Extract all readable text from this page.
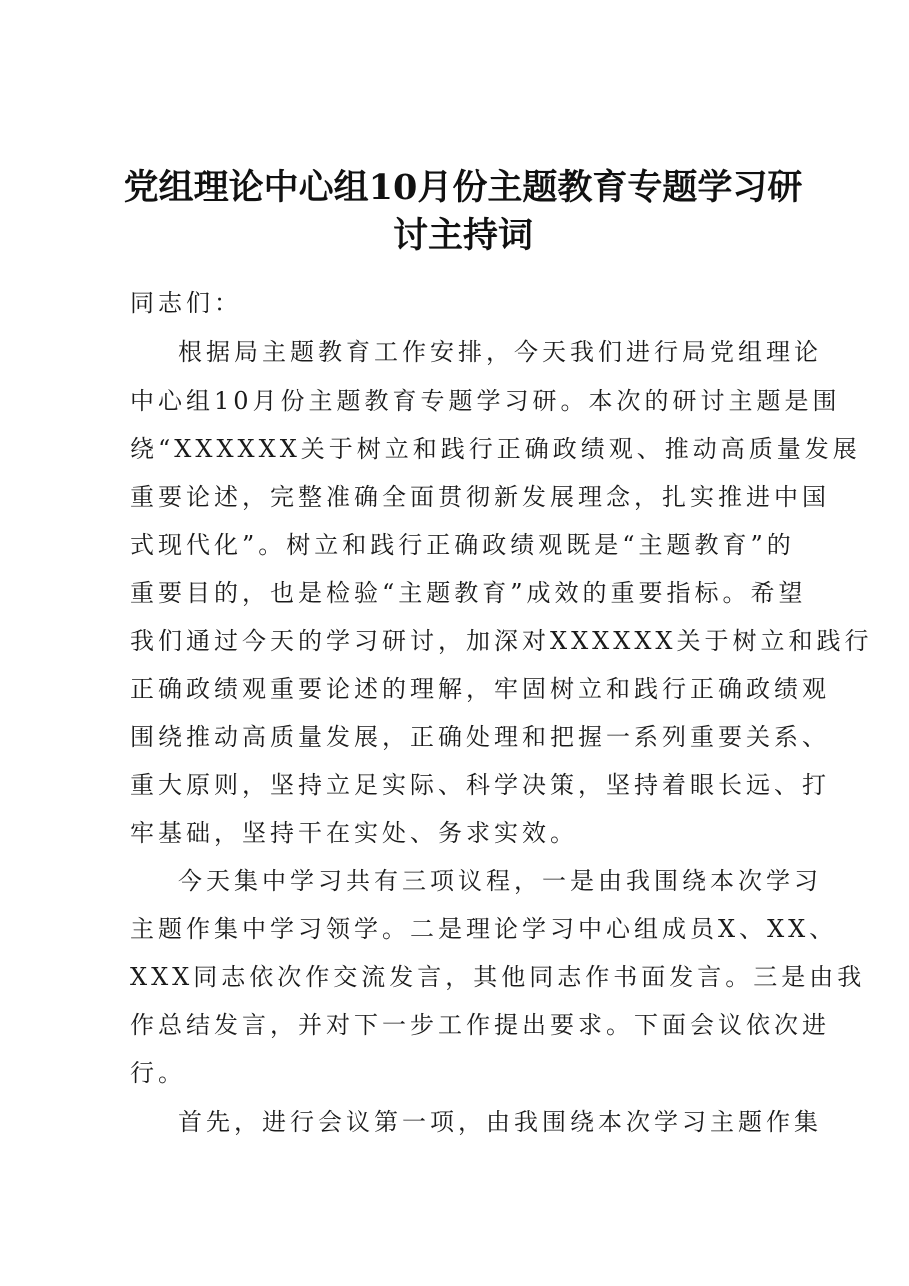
党组理论中心组10月份主题教育专题学习研
讨主持词
同志们：
根据局主题教育工作安排，今天我们进行局党组理论
中心组10月份主题教育专题学习研。本次的研讨主题是围
绕“XXXXXX关于树立和践行正确政绩观、推动高质量发展
重要论述，完整准确全面贯彻新发展理念，扎实推进中国
式现代化”。树立和践行正确政绩观既是“主题教育”的
重要目的，也是检验“主题教育”成效的重要指标。希望
我们通过今天的学习研讨，加深对XXXXXX关于树立和践行
正确政绩观重要论述的理解，牢固树立和践行正确政绩观
围绕推动高质量发展，正确处理和把握一系列重要关系、
重大原则，坚持立足实际、科学决策，坚持着眼长远、打
牢基础，坚持干在实处、务求实效。
今天集中学习共有三项议程，一是由我围绕本次学习
主题作集中学习领学。二是理论学习中心组成员X、XX、
XXX同志依次作交流发言，其他同志作书面发言。三是由我
作总结发言，并对下一步工作提出要求。下面会议依次进
行。
首先，进行会议第一项，由我围绕本次学习主题作集
